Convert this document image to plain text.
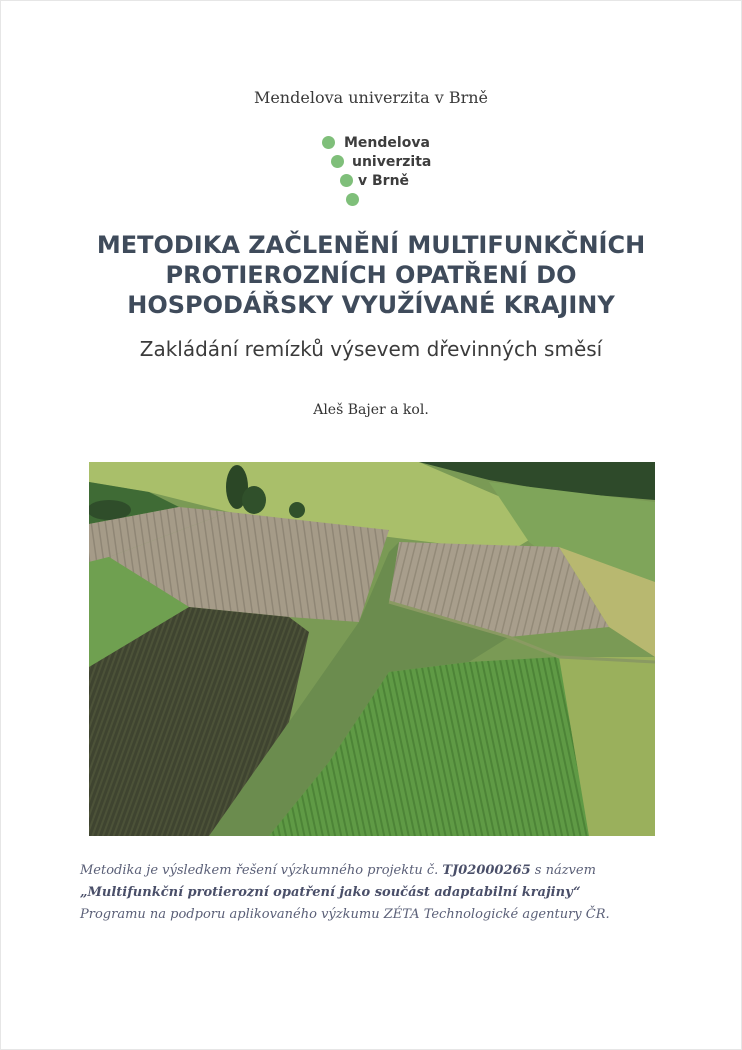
Mendelova univerzita v Brně
Mendelova
univerzita
v Brně
METODIKA ZAČLENĚNÍ MULTIFUNKČNÍCH
PROTIEROZNÍCH OPATŘENÍ DO
HOSPODÁŘSKY VYUŽÍVANÉ KRAJINY
Zakládání remízků výsevem dřevinných směsí
Aleš Bajer a kol.
Metodika je výsledkem řešení výzkumného projektu č. TJ02000265 s názvem
„Multifunkční protierozní opatření jako součást adaptabilní krajiny“
Programu na podporu aplikovaného výzkumu ZÉTA Technologické agentury ČR.
